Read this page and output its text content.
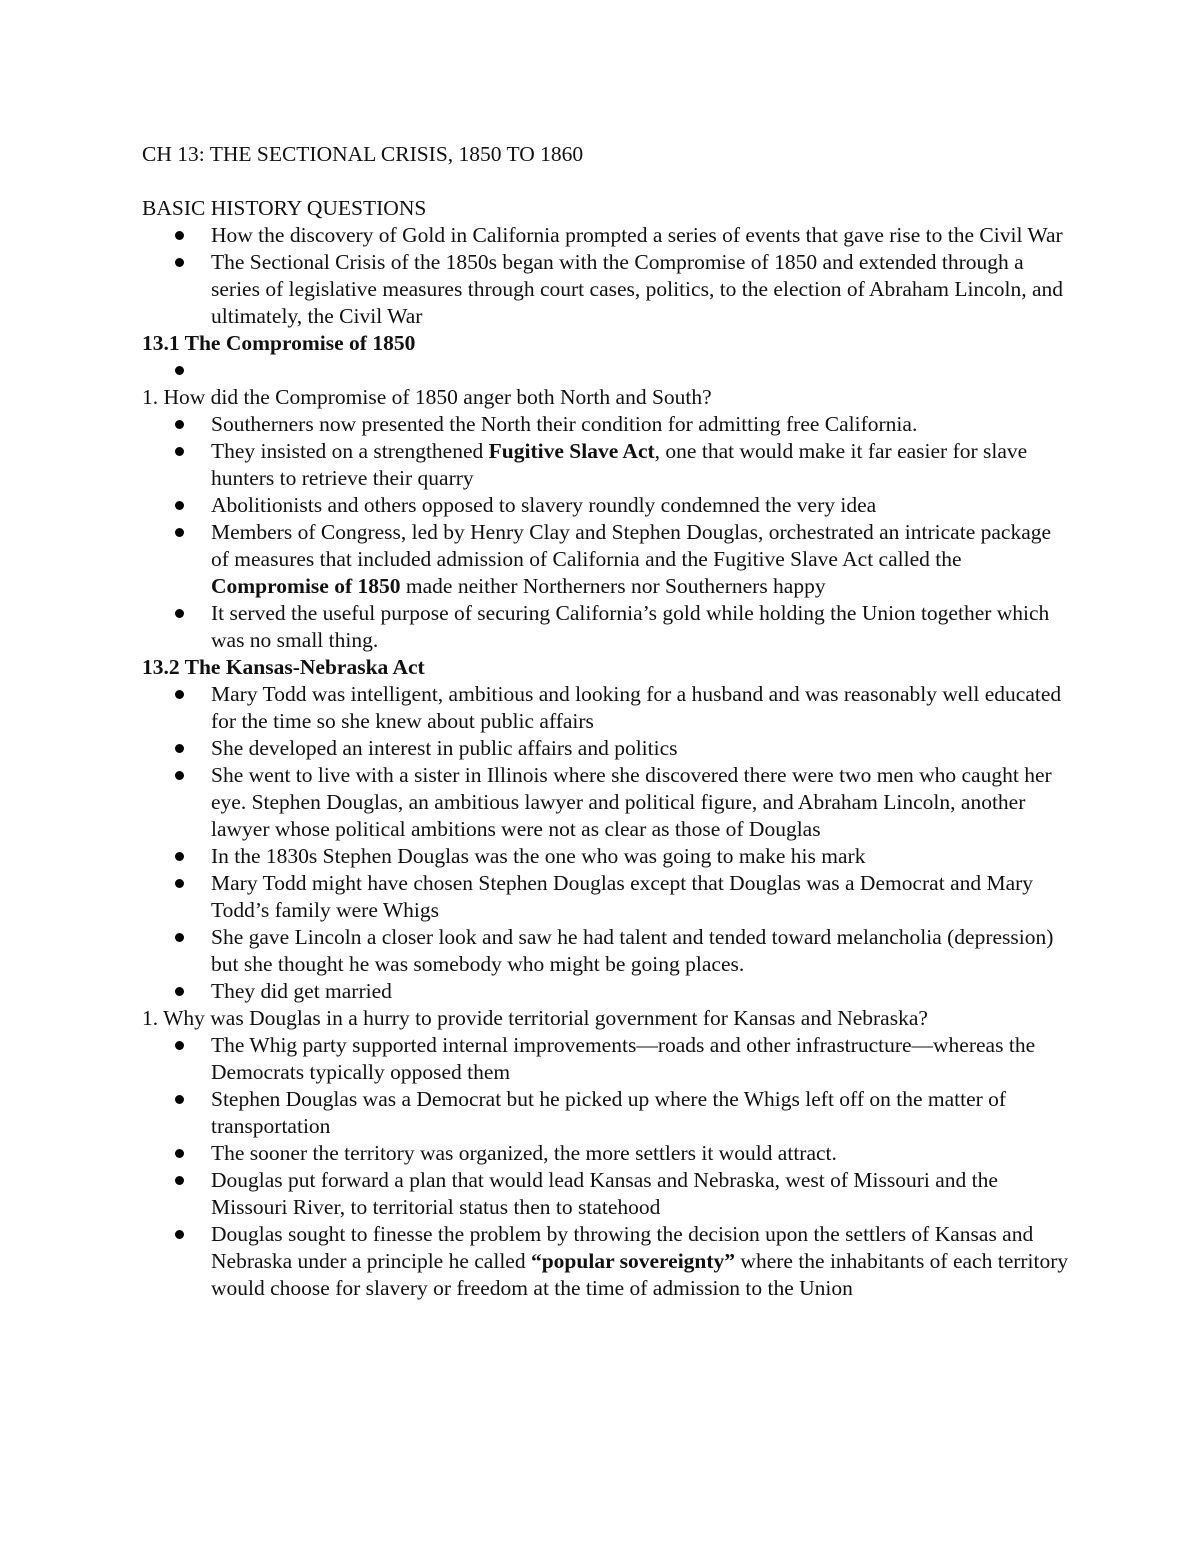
CH 13: THE SECTIONAL CRISIS, 1850 TO 1860
BASIC HISTORY QUESTIONS
How the discovery of Gold in California prompted a series of events that gave rise to the Civil War
The Sectional Crisis of the 1850s began with the Compromise of 1850 and extended through a series of legislative measures through court cases, politics, to the election of Abraham Lincoln, and ultimately, the Civil War
13.1 The Compromise of 1850
1. How did the Compromise of 1850 anger both North and South?
Southerners now presented the North their condition for admitting free California.
They insisted on a strengthened Fugitive Slave Act, one that would make it far easier for slave hunters to retrieve their quarry
Abolitionists and others opposed to slavery roundly condemned the very idea
Members of Congress, led by Henry Clay and Stephen Douglas, orchestrated an intricate package of measures that included admission of California and the Fugitive Slave Act called the Compromise of 1850 made neither Northerners nor Southerners happy
It served the useful purpose of securing California’s gold while holding the Union together which was no small thing.
13.2 The Kansas-Nebraska Act
Mary Todd was intelligent, ambitious and looking for a husband and was reasonably well educated for the time so she knew about public affairs
She developed an interest in public affairs and politics
She went to live with a sister in Illinois where she discovered there were two men who caught her eye. Stephen Douglas, an ambitious lawyer and political figure, and Abraham Lincoln, another lawyer whose political ambitions were not as clear as those of Douglas
In the 1830s Stephen Douglas was the one who was going to make his mark
Mary Todd might have chosen Stephen Douglas except that Douglas was a Democrat and Mary Todd’s family were Whigs
She gave Lincoln a closer look and saw he had talent and tended toward melancholia (depression) but she thought he was somebody who might be going places.
They did get married
1. Why was Douglas in a hurry to provide territorial government for Kansas and Nebraska?
The Whig party supported internal improvements—roads and other infrastructure—whereas the Democrats typically opposed them
Stephen Douglas was a Democrat but he picked up where the Whigs left off on the matter of transportation
The sooner the territory was organized, the more settlers it would attract.
Douglas put forward a plan that would lead Kansas and Nebraska, west of Missouri and the Missouri River, to territorial status then to statehood
Douglas sought to finesse the problem by throwing the decision upon the settlers of Kansas and Nebraska under a principle he called “popular sovereignty” where the inhabitants of each territory would choose for slavery or freedom at the time of admission to the Union
